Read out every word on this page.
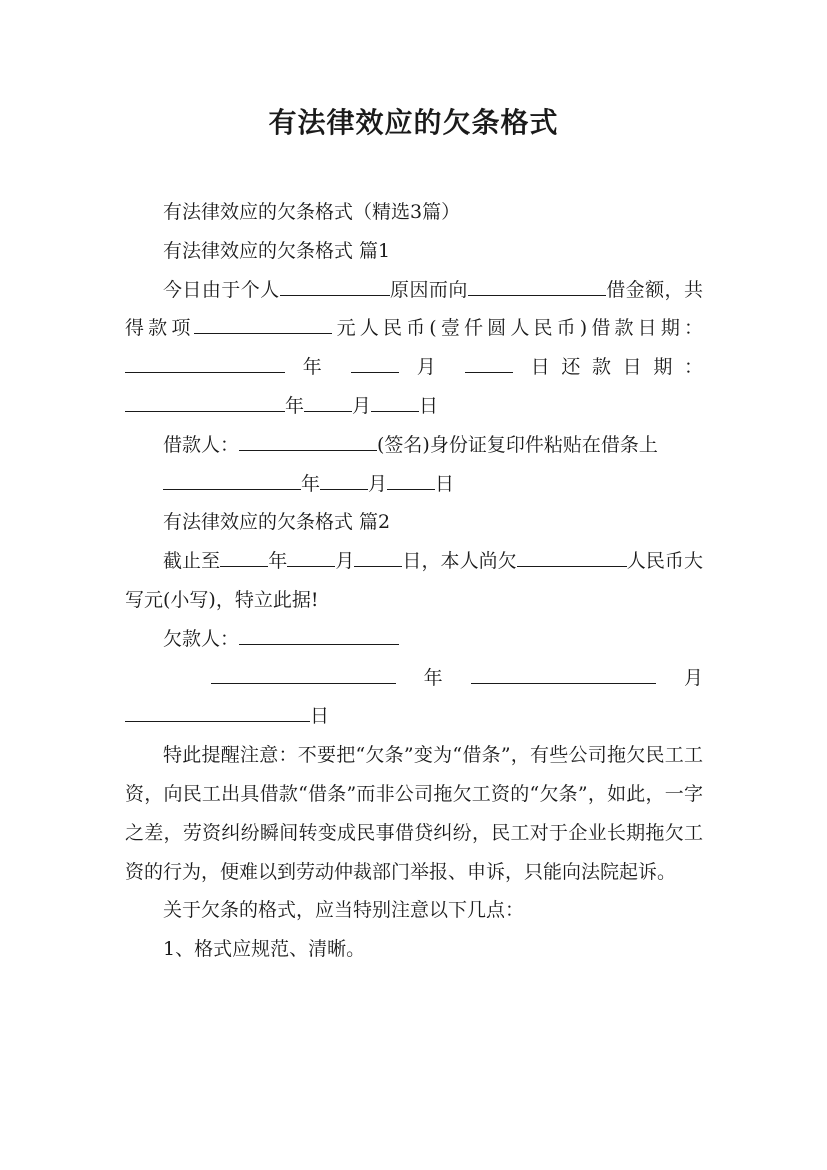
有法律效应的欠条格式

有法律效应的欠条格式（精选3篇）

有法律效应的欠条格式 篇1

今日由于个人	原因而向	借金额，共得款项	元人民币(壹仟圆人民币)借款日期： 年	月	日还款日期：年	月	日

借款人：	(签名)身份证复印件粘贴在借条上

年	月	日

有法律效应的欠条格式 篇2

截止至	年	月	日，本人尚欠	人民币大写元(小写)，特立此据!

欠款人：

年	月日

特此提醒注意：不要把“欠条”变为“借条”，有些公司拖欠民工工资，向民工出具借款“借条”而非公司拖欠工资的“欠条”，如此，一字之差，劳资纠纷瞬间转变成民事借贷纠纷，民工对于企业长期拖欠工资的行为，便难以到劳动仲裁部门举报、申诉，只能向法院起诉。

关于欠条的格式，应当特别注意以下几点：

1、格式应规范、清晰。
